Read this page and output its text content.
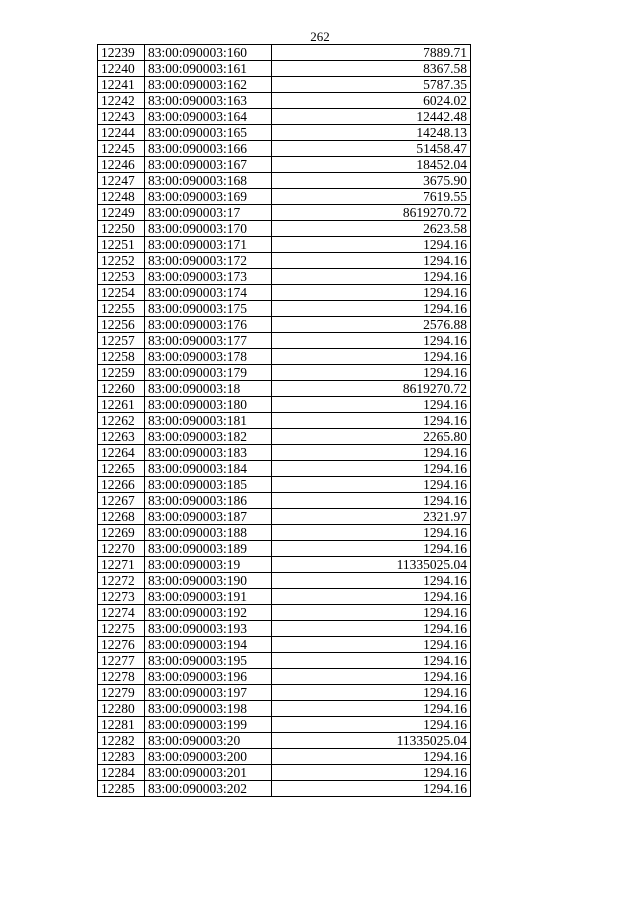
262
12239	83:00:090003:160	7889.71
12240	83:00:090003:161	8367.58
12241	83:00:090003:162	5787.35
12242	83:00:090003:163	6024.02
12243	83:00:090003:164	12442.48
12244	83:00:090003:165	14248.13
12245	83:00:090003:166	51458.47
12246	83:00:090003:167	18452.04
12247	83:00:090003:168	3675.90
12248	83:00:090003:169	7619.55
12249	83:00:090003:17	8619270.72
12250	83:00:090003:170	2623.58
12251	83:00:090003:171	1294.16
12252	83:00:090003:172	1294.16
12253	83:00:090003:173	1294.16
12254	83:00:090003:174	1294.16
12255	83:00:090003:175	1294.16
12256	83:00:090003:176	2576.88
12257	83:00:090003:177	1294.16
12258	83:00:090003:178	1294.16
12259	83:00:090003:179	1294.16
12260	83:00:090003:18	8619270.72
12261	83:00:090003:180	1294.16
12262	83:00:090003:181	1294.16
12263	83:00:090003:182	2265.80
12264	83:00:090003:183	1294.16
12265	83:00:090003:184	1294.16
12266	83:00:090003:185	1294.16
12267	83:00:090003:186	1294.16
12268	83:00:090003:187	2321.97
12269	83:00:090003:188	1294.16
12270	83:00:090003:189	1294.16
12271	83:00:090003:19	11335025.04
12272	83:00:090003:190	1294.16
12273	83:00:090003:191	1294.16
12274	83:00:090003:192	1294.16
12275	83:00:090003:193	1294.16
12276	83:00:090003:194	1294.16
12277	83:00:090003:195	1294.16
12278	83:00:090003:196	1294.16
12279	83:00:090003:197	1294.16
12280	83:00:090003:198	1294.16
12281	83:00:090003:199	1294.16
12282	83:00:090003:20	11335025.04
12283	83:00:090003:200	1294.16
12284	83:00:090003:201	1294.16
12285	83:00:090003:202	1294.16
